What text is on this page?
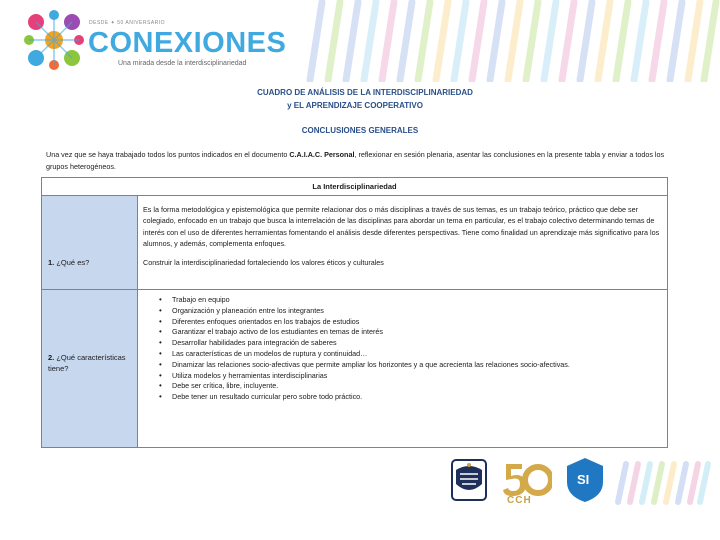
DESDE ✦ 50 ANIVERSARIO
CONEXIONES
Una mirada desde la interdisciplinariedad
CUADRO DE ANÁLISIS DE LA INTERDISCIPLINARIEDAD
y EL APRENDIZAJE COOPERATIVO
CONCLUSIONES GENERALES
Una vez que se haya trabajado todos los puntos indicados en el documento C.A.I.A.C. Personal, reflexionar en sesión plenaria, asentar las conclusiones en la presente tabla y enviar a todos los grupos heterogéneos.
La Interdisciplinariedad
1. ¿Qué es?

Es la forma metodológica y epistemológica que permite relacionar dos o más disciplinas a través de sus temas, es un trabajo teórico, práctico que debe ser colegiado, enfocado en un trabajo que busca la interrelación de las disciplinas para abordar un tema en particular, es el trabajo colectivo determinando temas de interés con el uso de diferentes herramientas fomentando el análisis desde diferentes perspectivas. Tiene como finalidad un aprendizaje más significativo para los alumnos, y además, complementa enfoques.

Construir la interdisciplinariedad fortaleciendo los valores éticos y culturales

2. ¿Qué características tiene?
• Trabajo en equipo
• Organización y planeación entre los integrantes
• Diferentes enfoques orientados en los trabajos de estudios
• Garantizar el trabajo activo de los estudiantes en temas de interés
• Desarrollar habilidades para integración de saberes
• Las características de un modelos de ruptura y continuidad…
• Dinamizar las relaciones socio-afectivas que permite ampliar los horizontes y a que acrecienta las relaciones socio-afectivas.
• Utiliza modelos y herramientas interdisciplinarias
• Debe ser crítica, libre, incluyente.
• Debe tener un resultado curricular pero sobre todo práctico.
CCH
SI
